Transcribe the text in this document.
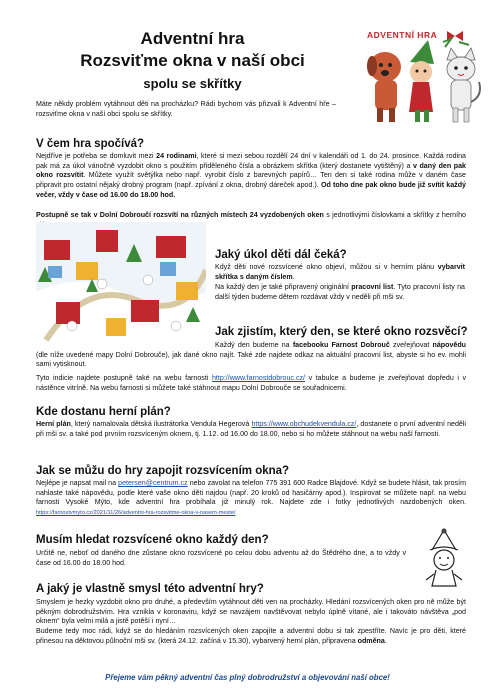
Adventní hra
Rozsviťme okna v naší obci
spolu se skřítky
ADVENTNÍ HRA

Máte někdy problém vytáhnout děti na procházku? Rádi bychom vás přizvali k Adventní hře – rozsviťme okna v naší obci spolu se skřítky.

V čem hra spočívá?

Nejdříve je potřeba se domluvit mezi 24 rodinami, které si mezi sebou rozdělí 24 dní v kalendáři od 1. do 24. prosince. Každá rodina pak má za úkol vánočně vyzdobit okno s použitím přiděleného čísla a obrázkem skřítka (který dostanete vytištěný) a v daný den pak okno rozsvítit. Můžete využít světýlka nebo např. vyrobit číslo z barevných papírů… Ten den si také rodina může v daném čase připravit pro ostatní nějaký drobný program (např. zpívání z okna, drobný dáreček apod.). Od toho dne pak okno bude již svítit každý večer, vždy v čase od 16.00 do 18.00 hod.

Postupně se tak v Dolní Dobroučí rozsvítí na různých místech 24 vyzdobených oken s jednotlivými číslovkami a skřítky z herního

Jaký úkol děti dál čeká?

Když děti nové rozsvícené okno objeví, můžou si v herním plánu vybarvit skřítka s daným číslem.

Na každý den je také připravený originální pracovní list. Tyto pracovní listy na další týden budeme dětem rozdávat vždy v neděli při mši sv.

Jak zjistím, který den, se které okno rozsvěcí?

Každý den budeme na facebooku Farnost Dobrouč zveřejňovat nápovědu (dle níže uvedené mapy Dolní Dobrouče), jak dané okno najít. Také zde najdete odkaz na aktuální pracovní list, abyste si ho ev. mohli sami vytisknout.

Tyto indicie najdete postupně také na webu farnosti http://www.farnostdobrouc.cz/ v tabulce a budeme je zveřejňovat dopředu i v nástěnce vitríně. Na webu farnosti si můžete také stáhnout mapu Dolní Dobrouče se souřadnicemi.

Kde dostanu herní plán?

Herní plán, který namalovala dětská ilustrátorka Vendula Hegerová https://www.obchudekvendula.cz/, dostanete o první adventní neděli při mši sv. a také pod prvním rozsvíceným oknem, tj. 1.12. od 16.00 do 18.00, nebo si ho můžete stáhnout na webu naší farnosti.

Jak se můžu do hry zapojit rozsvícením okna?

Nejlépe je napsat mail na petersen@centrum.cz nebo zavolat na telefon 775 391 600 Radce Blajdové. Když se budete hlásit, tak prosím nahlaste také nápovědu, podle které vaše okno děti najdou (např. 20 kroků od hasičárny apod.). Inspirovat se můžete např. na webu farnosti Vysoké Mýto, kde adventní hra probíhala již minulý rok. Najdete zde i fotky jednotlivých nazdobených oken. https://farnostvmyto.cz/2021/11/26/adventni-hra-rozsvitme-okna-v-nasem-meste/

Musím hledat rozsvícené okno každý den?

Určitě ne, neboť od daného dne zůstane okno rozsvícené po celou dobu adventu až do Štědrého dne, a to vždy v čase od 16.00 do 18.00 hod.

A jaký je vlastně smysl této adventní hry?

Smyslem je hezky vyzdobit okno pro druhé, a především vytáhnout děti ven na procházky. Hledání rozsvícených oken pro ně může být pěkným dobrodružstvím. Hra vznikla v koronaviru, když se navzájem navštěvovat nebylo úplně vítané, ale i takováto návštěva „pod oknem“ byla velmi milá a jistě potěší i nyní…

Budeme tedy moc rádi, když se do hledáním rozsvícených oken zapojíte a adventní dobu si tak zpestříte. Navíc je pro děti, které přinesou na děktovou půlnoční mši sv. (která 24.12. začíná v 15.30), vybarvený herní plán, připravena odměna.

Přejeme vám pěkný adventní čas plný dobrodružství a objevování naší obce!
